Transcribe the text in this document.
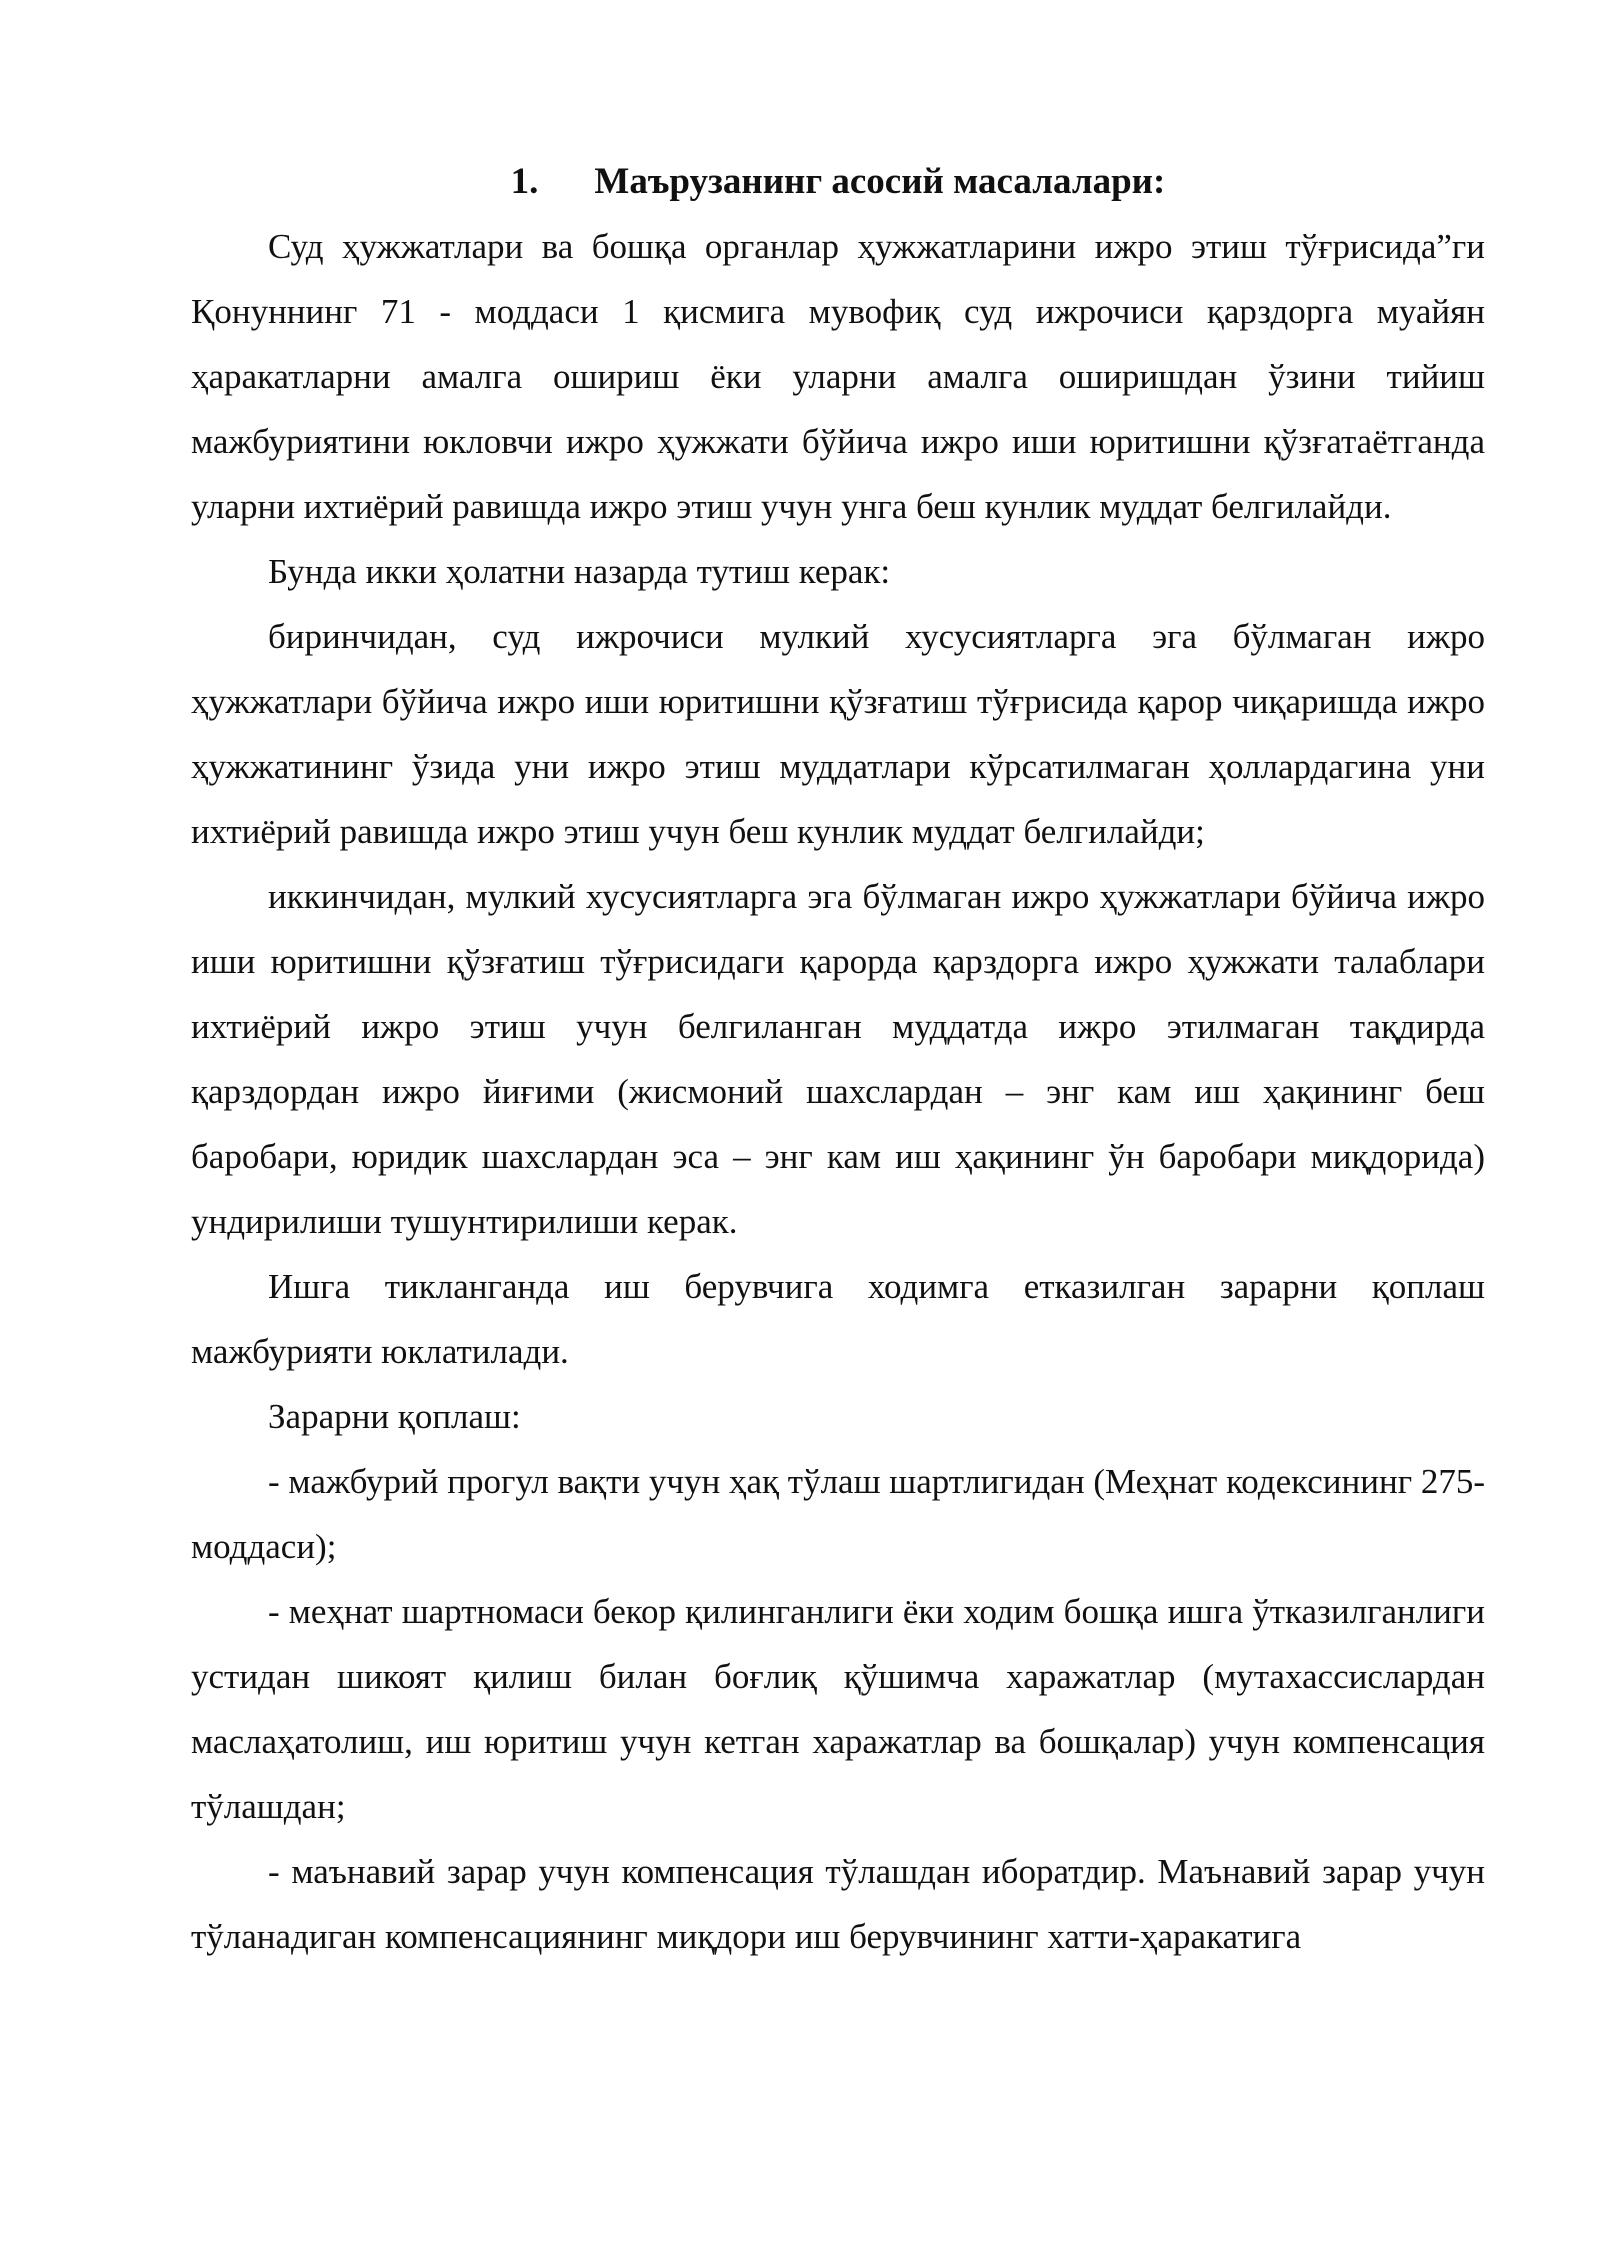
1. Маърузанинг асосий масалалари:

Суд ҳужжатлари ва бошқа органлар ҳужжатларини ижро этиш тўғрисида”ги Қонуннинг 71 - моддаси 1 қисмига мувофиқ суд ижрочиси қарздорга муайян ҳаракатларни амалга ошириш ёки уларни амалга оширишдан ўзини тийиш мажбуриятини юкловчи ижро ҳужжати бўйича ижро иши юритишни қўзғатаётганда уларни ихтиёрий равишда ижро этиш учун унга беш кунлик муддат белгилайди.

Бунда икки ҳолатни назарда тутиш керак:

биринчидан, суд ижрочиси мулкий хусусиятларга эга бўлмаган ижро ҳужжатлари бўйича ижро иши юритишни қўзғатиш тўғрисида қарор чиқаришда ижро ҳужжатининг ўзида уни ижро этиш муддатлари кўрсатилмаган ҳоллардагина уни ихтиёрий равишда ижро этиш учун беш кунлик муддат белгилайди;

иккинчидан, мулкий хусусиятларга эга бўлмаган ижро ҳужжатлари бўйича ижро иши юритишни қўзғатиш тўғрисидаги қарорда қарздорга ижро ҳужжати талаблари ихтиёрий ижро этиш учун белгиланган муддатда ижро этилмаган тақдирда қарздордан ижро йиғими (жисмоний шахслардан – энг кам иш ҳақининг беш баробари, юридик шахслардан эса – энг кам иш ҳақининг ўн баробари миқдорида) ундирилиши тушунтирилиши керак.

Ишга тикланганда иш берувчига ходимга етказилган зарарни қоплаш мажбурияти юклатилади.

Зарарни қоплаш:

- мажбурий прогул вақти учун ҳақ тўлаш шартлигидан (Меҳнат кодексининг 275-моддаси);

- меҳнат шартномаси бекор қилинганлиги ёки ходим бошқа ишга ўтказилганлиги устидан шикоят қилиш билан боғлиқ қўшимча харажатлар (мутахассислардан маслаҳатолиш, иш юритиш учун кетган харажатлар ва бошқалар) учун компенсация тўлашдан;

- маънавий зарар учун компенсация тўлашдан иборатдир. Маънавий зарар учун тўланадиган компенсациянинг миқдори иш берувчининг хатти-ҳаракатига
